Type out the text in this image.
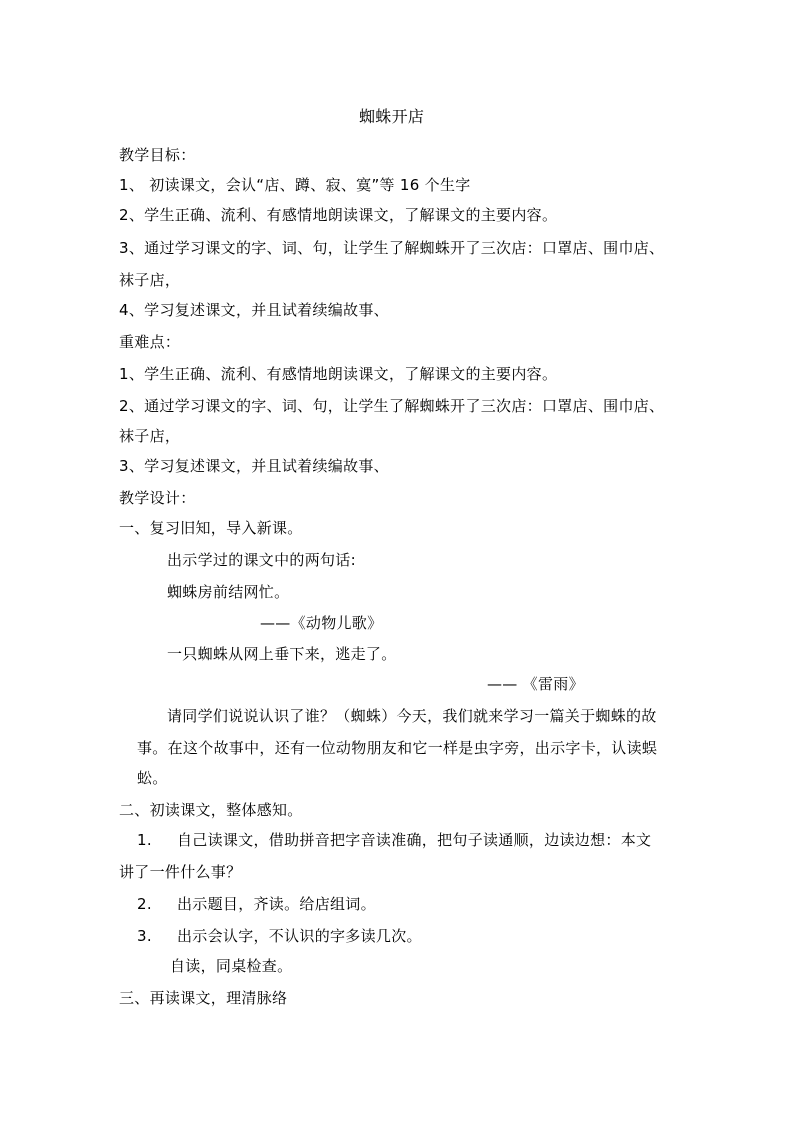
蜘蛛开店
教学目标：
1、 初读课文，会认“店、蹲、寂、寞”等 16 个生字
2、学生正确、流利、有感情地朗读课文，了解课文的主要内容。
3、通过学习课文的字、词、句，让学生了解蜘蛛开了三次店：口罩店、围巾店、
袜子店，
4、学习复述课文，并且试着续编故事、
重难点：
1、学生正确、流利、有感情地朗读课文，了解课文的主要内容。
2、通过学习课文的字、词、句，让学生了解蜘蛛开了三次店：口罩店、围巾店、
袜子店，
3、学习复述课文，并且试着续编故事、
教学设计：
一、复习旧知，导入新课。
出示学过的课文中的两句话:
蜘蛛房前结网忙。
——《动物儿歌》
一只蜘蛛从网上垂下来，逃走了。
—— 《雷雨》
请同学们说说认识了谁？（蜘蛛）今天，我们就来学习一篇关于蜘蛛的故
事。在这个故事中，还有一位动物朋友和它一样是虫字旁，出示字卡，认读蜈
蚣。
二、初读课文，整体感知。
1. 自己读课文，借助拼音把字音读准确，把句子读通顺，边读边想：本文
讲了一件什么事？
2. 出示题目，齐读。给店组词。
3. 出示会认字，不认识的字多读几次。
自读，同桌检查。
三、再读课文，理清脉络
